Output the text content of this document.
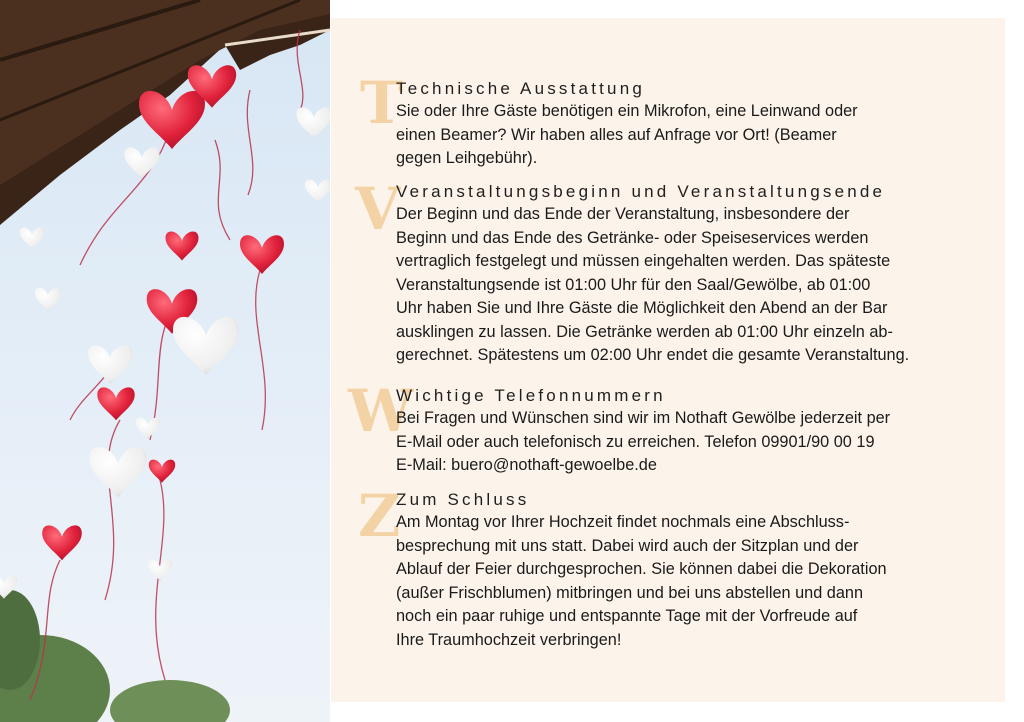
T
Technische Ausstattung

Sie oder Ihre Gäste benötigen ein Mikrofon, eine Leinwand oder
einen Beamer? Wir haben alles auf Anfrage vor Ort! (Beamer
gegen Leihgebühr).

V
Veranstaltungsbeginn und Veranstaltungsende

Der Beginn und das Ende der Veranstaltung, insbesondere der
Beginn und das Ende des Getränke- oder Speiseservices werden
vertraglich festgelegt und müssen eingehalten werden. Das späteste
Veranstaltungsende ist 01:00 Uhr für den Saal/Gewölbe, ab 01:00
Uhr haben Sie und Ihre Gäste die Möglichkeit den Abend an der Bar
ausklingen zu lassen. Die Getränke werden ab 01:00 Uhr einzeln ab-
gerechnet. Spätestens um 02:00 Uhr endet die gesamte Veranstaltung.

W
Wichtige Telefonnummern

Bei Fragen und Wünschen sind wir im Nothaft Gewölbe jederzeit per
E-Mail oder auch telefonisch zu erreichen. Telefon 09901/90 00 19
E-Mail: buero@nothaft-gewoelbe.de

Z
Zum Schluss

Am Montag vor Ihrer Hochzeit findet nochmals eine Abschluss-
besprechung mit uns statt. Dabei wird auch der Sitzplan und der
Ablauf der Feier durchgesprochen. Sie können dabei die Dekoration
(außer Frischblumen) mitbringen und bei uns abstellen und dann
noch ein paar ruhige und entspannte Tage mit der Vorfreude auf
Ihre Traumhochzeit verbringen!
